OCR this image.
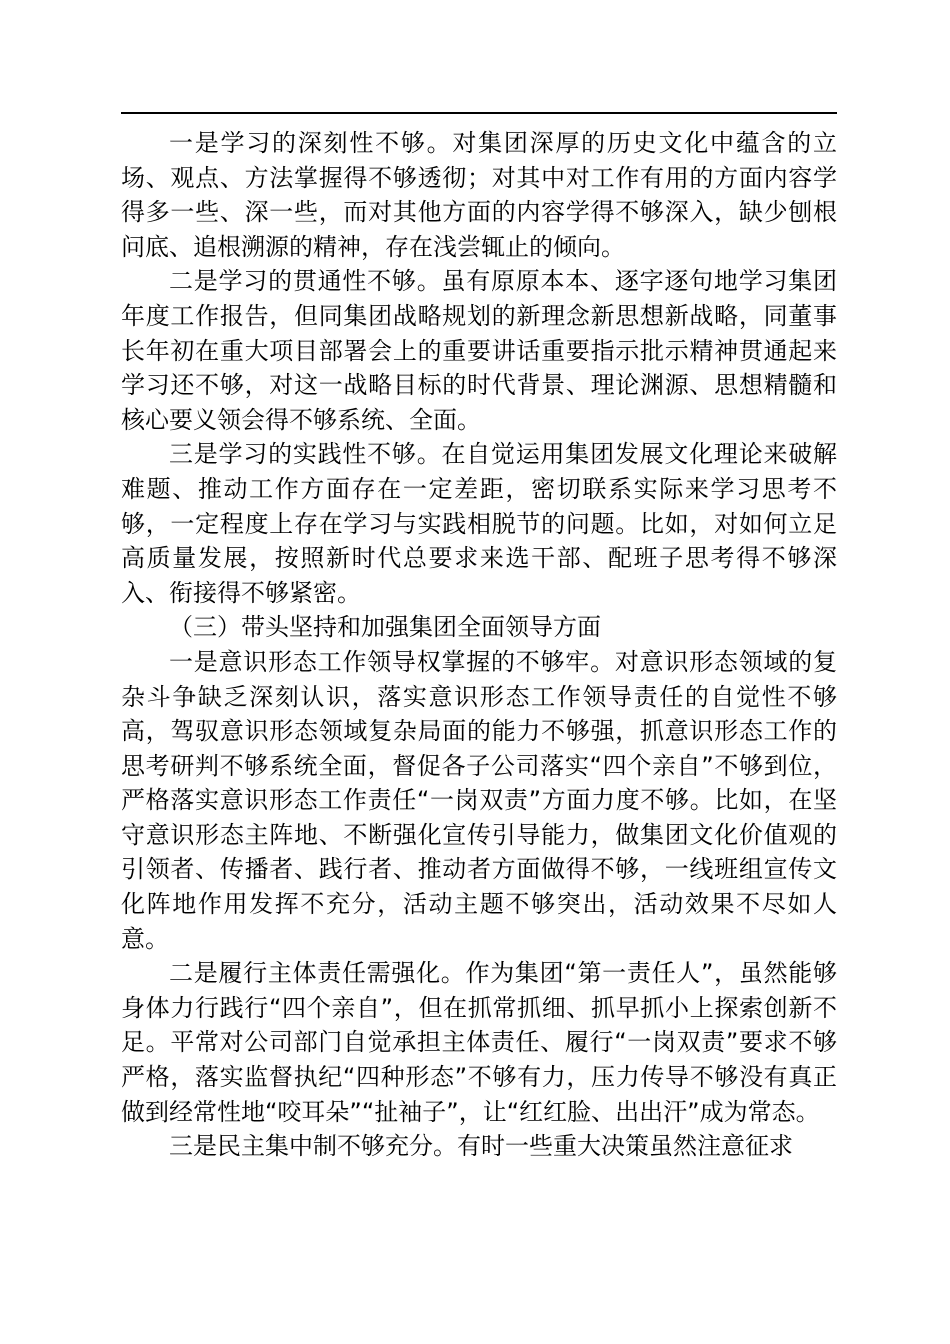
一是学习的深刻性不够。对集团深厚的历史文化中蕴含的立场、观点、方法掌握得不够透彻；对其中对工作有用的方面内容学得多一些、深一些，而对其他方面的内容学得不够深入，缺少刨根问底、追根溯源的精神，存在浅尝辄止的倾向。

二是学习的贯通性不够。虽有原原本本、逐字逐句地学习集团年度工作报告，但同集团战略规划的新理念新思想新战略，同董事长年初在重大项目部署会上的重要讲话重要指示批示精神贯通起来学习还不够，对这一战略目标的时代背景、理论渊源、思想精髓和核心要义领会得不够系统、全面。

三是学习的实践性不够。在自觉运用集团发展文化理论来破解难题、推动工作方面存在一定差距，密切联系实际来学习思考不够，一定程度上存在学习与实践相脱节的问题。比如，对如何立足高质量发展，按照新时代总要求来选干部、配班子思考得不够深入、衔接得不够紧密。

（三）带头坚持和加强集团全面领导方面

一是意识形态工作领导权掌握的不够牢。对意识形态领域的复杂斗争缺乏深刻认识，落实意识形态工作领导责任的自觉性不够高，驾驭意识形态领域复杂局面的能力不够强，抓意识形态工作的思考研判不够系统全面，督促各子公司落实“四个亲自”不够到位，严格落实意识形态工作责任“一岗双责”方面力度不够。比如，在坚守意识形态主阵地、不断强化宣传引导能力，做集团文化价值观的引领者、传播者、践行者、推动者方面做得不够，一线班组宣传文化阵地作用发挥不充分，活动主题不够突出，活动效果不尽如人意。

二是履行主体责任需强化。作为集团“第一责任人”，虽然能够身体力行践行“四个亲自”，但在抓常抓细、抓早抓小上探索创新不足。平常对公司部门自觉承担主体责任、履行“一岗双责”要求不够严格，落实监督执纪“四种形态”不够有力，压力传导不够没有真正做到经常性地“咬耳朵”“扯袖子”，让“红红脸、出出汗”成为常态。

三是民主集中制不够充分。有时一些重大决策虽然注意征求
